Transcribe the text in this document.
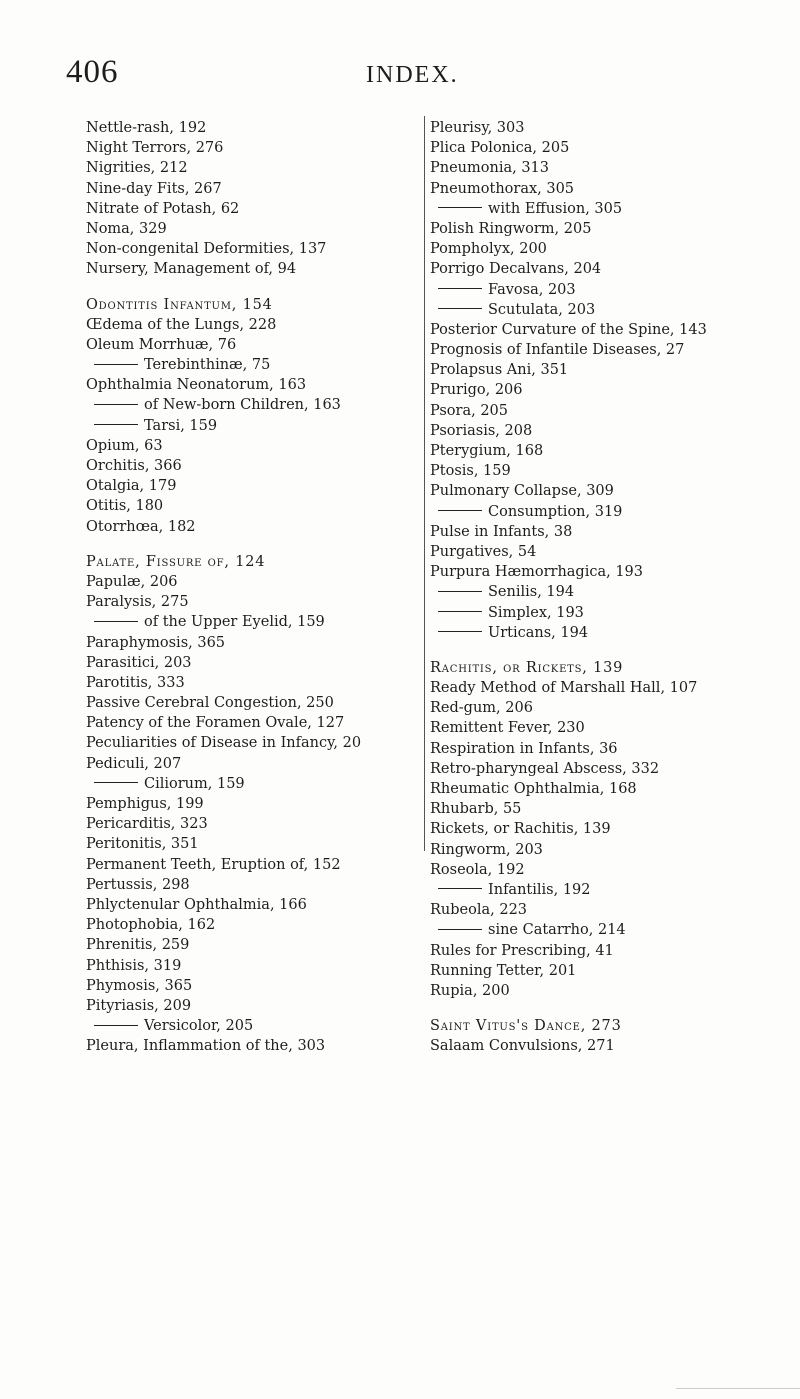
406	INDEX.
Nettle-rash, 192
Night Terrors, 276
Nigrities, 212
Nine-day Fits, 267
Nitrate of Potash, 62
Noma, 329
Non-congenital Deformities, 137
Nursery, Management of, 94
Odontitis Infantum, 154
Œdema of the Lungs, 228
Oleum Morrhuæ, 76
Terebinthinæ, 75
Ophthalmia Neonatorum, 163
of New-born Children, 163
Tarsi, 159
Opium, 63
Orchitis, 366
Otalgia, 179
Otitis, 180
Otorrhœa, 182
Palate, Fissure of, 124
Papulæ, 206
Paralysis, 275
of the Upper Eyelid, 159
Paraphymosis, 365
Parasitici, 203
Parotitis, 333
Passive Cerebral Congestion, 250
Patency of the Foramen Ovale, 127
Peculiarities of Disease in Infancy, 20
Pediculi, 207
Ciliorum, 159
Pemphigus, 199
Pericarditis, 323
Peritonitis, 351
Permanent Teeth, Eruption of, 152
Pertussis, 298
Phlyctenular Ophthalmia, 166
Photophobia, 162
Phrenitis, 259
Phthisis, 319
Phymosis, 365
Pityriasis, 209
Versicolor, 205
Pleura, Inflammation of the, 303
Pleurisy, 303
Plica Polonica, 205
Pneumonia, 313
Pneumothorax, 305
with Effusion, 305
Polish Ringworm, 205
Pompholyx, 200
Porrigo Decalvans, 204
Favosa, 203
Scutulata, 203
Posterior Curvature of the Spine, 143
Prognosis of Infantile Diseases, 27
Prolapsus Ani, 351
Prurigo, 206
Psora, 205
Psoriasis, 208
Pterygium, 168
Ptosis, 159
Pulmonary Collapse, 309
Consumption, 319
Pulse in Infants, 38
Purgatives, 54
Purpura Hæmorrhagica, 193
Senilis, 194
Simplex, 193
Urticans, 194
Rachitis, or Rickets, 139
Ready Method of Marshall Hall, 107
Red-gum, 206
Remittent Fever, 230
Respiration in Infants, 36
Retro-pharyngeal Abscess, 332
Rheumatic Ophthalmia, 168
Rhubarb, 55
Rickets, or Rachitis, 139
Ringworm, 203
Roseola, 192
Infantilis, 192
Rubeola, 223
sine Catarrho, 214
Rules for Prescribing, 41
Running Tetter, 201
Rupia, 200
Saint Vitus's Dance, 273
Salaam Convulsions, 271
